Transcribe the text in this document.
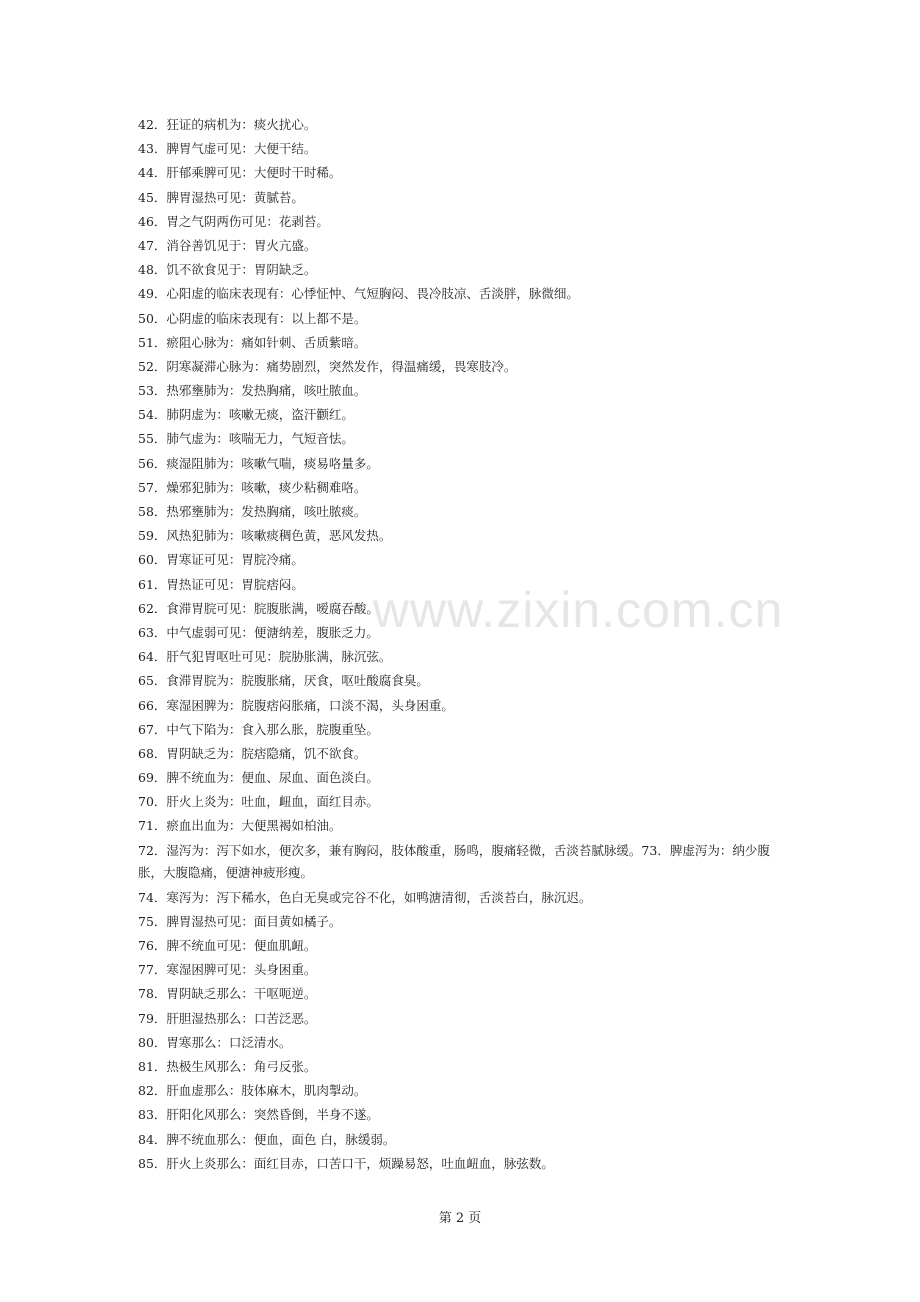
42．狂证的病机为：痰火扰心。
43．脾胃气虚可见：大便干结。
44．肝郁乘脾可见：大便时干时稀。
45．脾胃湿热可见：黄腻苔。
46．胃之气阴两伤可见：花剥苔。
47．消谷善饥见于：胃火亢盛。
48．饥不欲食见于：胃阴缺乏。
49．心阳虚的临床表现有：心悸怔忡、气短胸闷、畏冷肢凉、舌淡胖，脉微细。
50．心阴虚的临床表现有：以上都不是。
51．瘀阻心脉为：痛如针刺、舌质紫暗。
52．阴寒凝滞心脉为：痛势剧烈，突然发作，得温痛缓，畏寒肢冷。
53．热邪壅肺为：发热胸痛，咳吐脓血。
54．肺阴虚为：咳嗽无痰，盗汗颧红。
55．肺气虚为：咳喘无力，气短音怯。
56．痰湿阻肺为：咳嗽气喘，痰易咯量多。
57．燥邪犯肺为：咳嗽，痰少粘稠难咯。
58．热邪壅肺为：发热胸痛，咳吐脓痰。
59．风热犯肺为：咳嗽痰稠色黄，恶风发热。
60．胃寒证可见：胃脘冷痛。
61．胃热证可见：胃脘痞闷。
62．食滞胃脘可见：脘腹胀满，嗳腐吞酸。
63．中气虚弱可见：便溏纳差，腹胀乏力。
64．肝气犯胃呕吐可见：脘胁胀满，脉沉弦。
65．食滞胃脘为：脘腹胀痛，厌食，呕吐酸腐食臭。
66．寒湿困脾为：脘腹痞闷胀痛，口淡不渴，头身困重。
67．中气下陷为：食入那么胀，脘腹重坠。
68．胃阴缺乏为：脘痞隐痛，饥不欲食。
69．脾不统血为：便血、尿血、面色淡白。
70．肝火上炎为：吐血，衄血，面红目赤。
71．瘀血出血为：大便黑褐如柏油。
72．湿泻为：泻下如水，便次多，兼有胸闷，肢体酸重，肠鸣，腹痛轻微，舌淡苔腻脉缓。73．脾虚泻为：纳少腹胀，大腹隐痛，便溏神疲形瘦。
74．寒泻为：泻下稀水，色白无臭或完谷不化，如鸭溏清彻，舌淡苔白，脉沉迟。
75．脾胃湿热可见：面目黄如橘子。
76．脾不统血可见：便血肌衄。
77．寒湿困脾可见：头身困重。
78．胃阴缺乏那么：干呕呃逆。
79．肝胆湿热那么：口苦泛恶。
80．胃寒那么：口泛清水。
81．热极生风那么：角弓反张。
82．肝血虚那么：肢体麻木，肌肉掣动。
83．肝阳化风那么：突然昏倒，半身不遂。
84．脾不统血那么：便血，面色 白，脉缓弱。
85．肝火上炎那么：面红目赤，口苦口干，烦躁易怒，吐血衄血，脉弦数。
www.zixin.com.cn
第 2 页
